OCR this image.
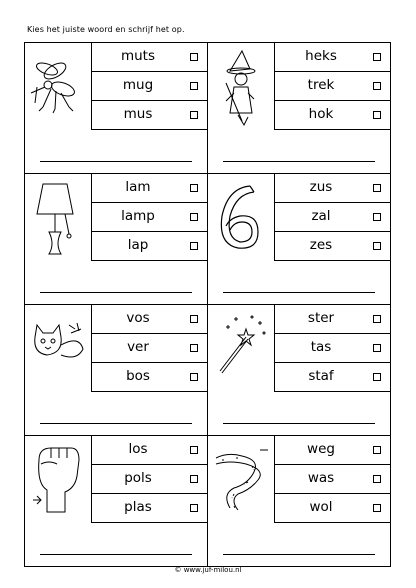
Kies het juiste woord en schrijf het op.
muts
mug
mus
heks
trek
hok
lam
lamp
lap
zus
zal
zes
vos
ver
bos
ster
tas
staf
los
pols
plas
weg
was
wol
© www.juf-milou.nl
